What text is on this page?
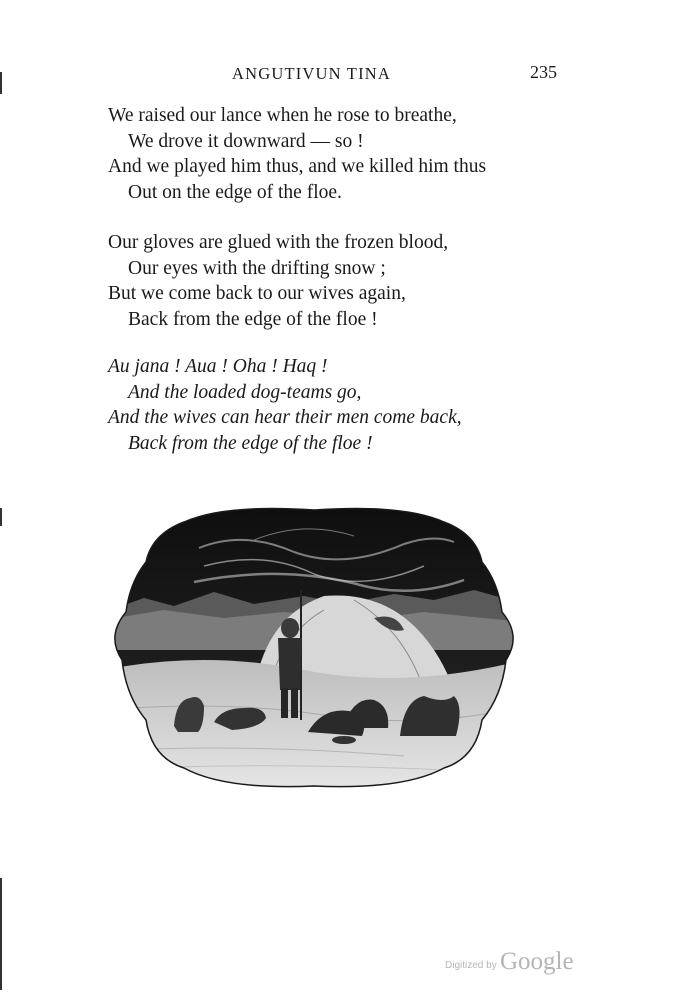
ANGUTIVUN TINA	235
We raised our lance when he rose to breathe,
We drove it downward — so !
And we played him thus, and we killed him thus
Out on the edge of the floe.
Our gloves are glued with the frozen blood,
Our eyes with the drifting snow ;
But we come back to our wives again,
Back from the edge of the floe !
Au jana ! Aua ! Oha ! Haq !
And the loaded dog-teams go,
And the wives can hear their men come back,
Back from the edge of the floe !
Digitized by Google
